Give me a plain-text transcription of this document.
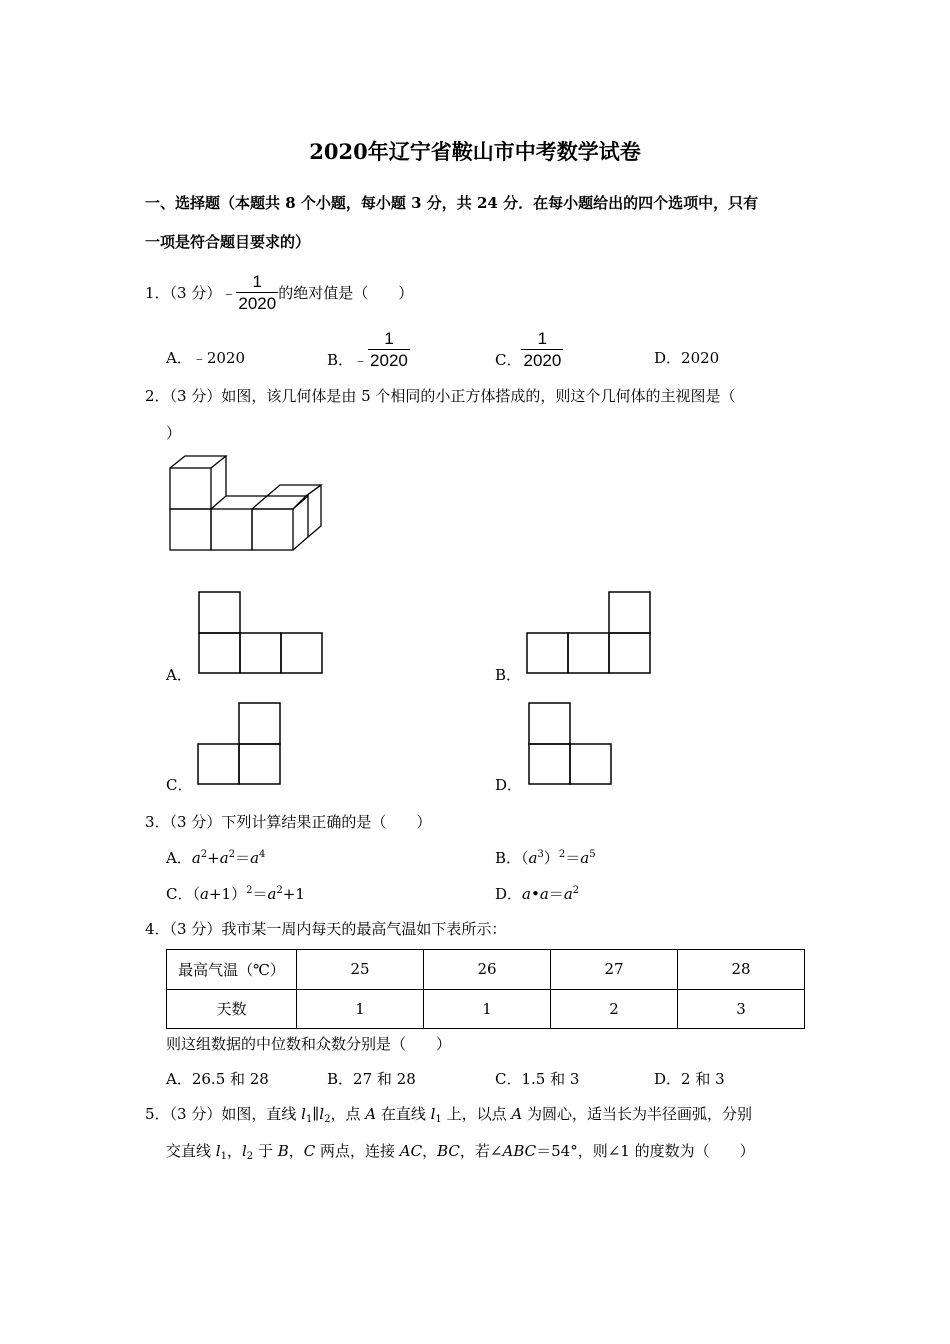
2020年辽宁省鞍山市中考数学试卷
一、选择题（本题共 8 个小题，每小题 3 分，共 24 分．在每小题给出的四个选项中，只有
一项是符合题目要求的）
1．（3 分）﹣ $\frac{1}{2020}$ 的绝对值是（　　）
A．﹣2020	B． ﹣ $\frac{1}{2020}$	C． $\frac{1}{2020}$	D．2020
2．（3 分）如图，该几何体是由 5 个相同的小正方体搭成的，则这个几何体的主视图是（
）
A．	B．
C．	D．
3．（3 分）下列计算结果正确的是（　　）
A．$a^2+a^2=a^4$	B．$(a^3)^2=a^5$
C．$(a+1)^2=a^2+1$	D．$a•a=a^2$
4．（3 分）我市某一周内每天的最高气温如下表所示：
最高气温（℃）	25	26	27	28
天数	1	1	2	3
则这组数据的中位数和众数分别是（　　）
A．26.5 和 28	B．27 和 28	C．1.5 和 3	D．2 和 3
5．（3 分）如图，直线 $l_1\parallel l_2$，点 A 在直线 $l_1$ 上，以点 A 为圆心，适当长为半径画弧，分别
交直线 $l_1$，$l_2$ 于 B，C 两点，连接 AC，BC，若∠ABC＝54°，则∠1 的度数为（　　）
